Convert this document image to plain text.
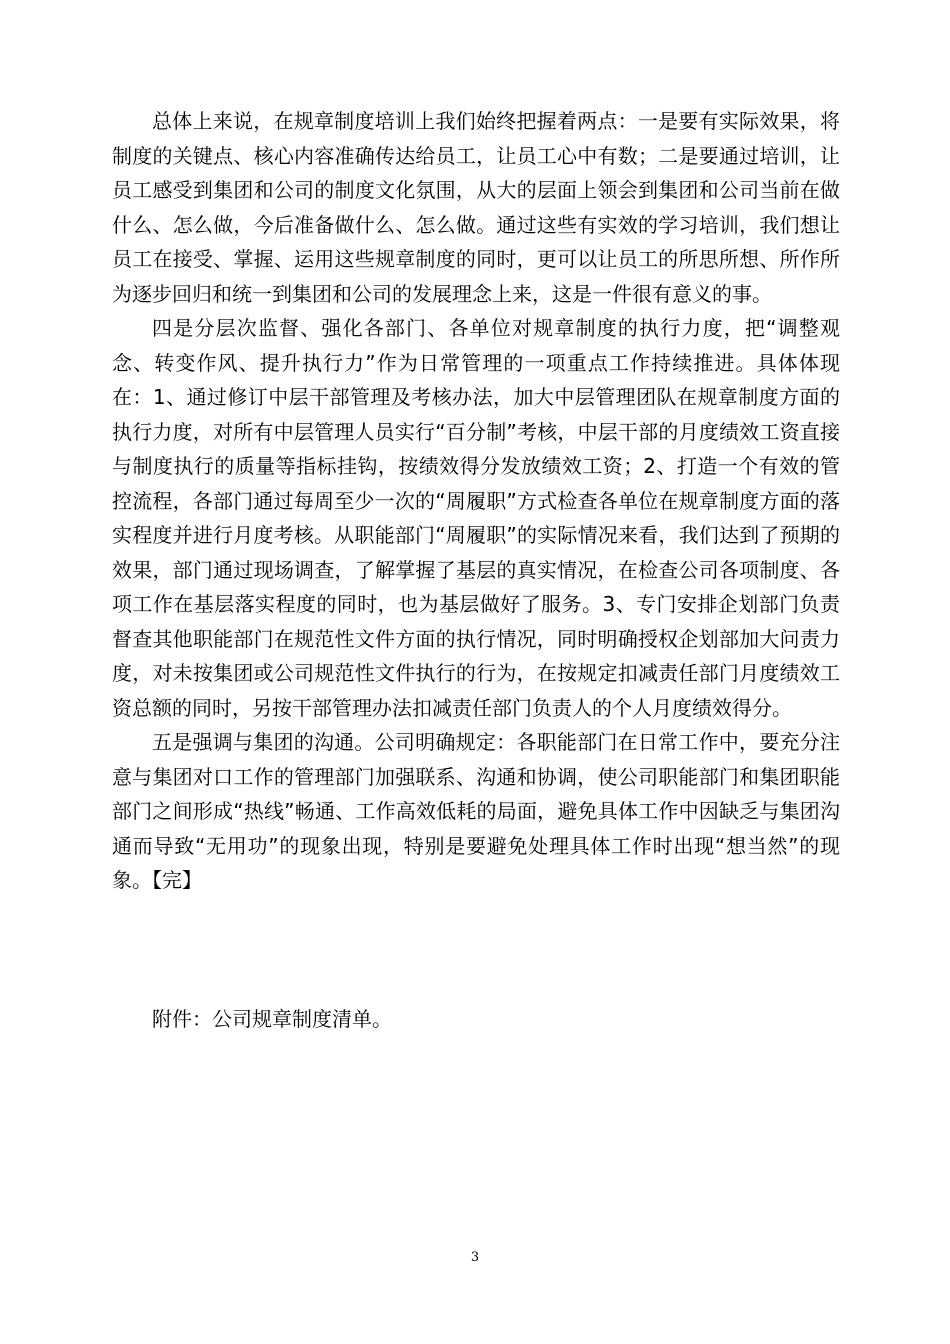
总体上来说，在规章制度培训上我们始终把握着两点：一是要有实际效果，将制度的关键点、核心内容准确传达给员工，让员工心中有数；二是要通过培训，让员工感受到集团和公司的制度文化氛围，从大的层面上领会到集团和公司当前在做什么、怎么做，今后准备做什么、怎么做。通过这些有实效的学习培训，我们想让员工在接受、掌握、运用这些规章制度的同时，更可以让员工的所思所想、所作所为逐步回归和统一到集团和公司的发展理念上来，这是一件很有意义的事。

四是分层次监督、强化各部门、各单位对规章制度的执行力度，把“调整观念、转变作风、提升执行力”作为日常管理的一项重点工作持续推进。具体体现在：1、通过修订中层干部管理及考核办法，加大中层管理团队在规章制度方面的执行力度，对所有中层管理人员实行“百分制”考核，中层干部的月度绩效工资直接与制度执行的质量等指标挂钩，按绩效得分发放绩效工资；2、打造一个有效的管控流程，各部门通过每周至少一次的“周履职”方式检查各单位在规章制度方面的落实程度并进行月度考核。从职能部门“周履职”的实际情况来看，我们达到了预期的效果，部门通过现场调查，了解掌握了基层的真实情况，在检查公司各项制度、各项工作在基层落实程度的同时，也为基层做好了服务。3、专门安排企划部门负责督查其他职能部门在规范性文件方面的执行情况，同时明确授权企划部加大问责力度，对未按集团或公司规范性文件执行的行为，在按规定扣减责任部门月度绩效工资总额的同时，另按干部管理办法扣减责任部门负责人的个人月度绩效得分。

五是强调与集团的沟通。公司明确规定：各职能部门在日常工作中，要充分注意与集团对口工作的管理部门加强联系、沟通和协调，使公司职能部门和集团职能部门之间形成“热线”畅通、工作高效低耗的局面，避免具体工作中因缺乏与集团沟通而导致“无用功”的现象出现，特别是要避免处理具体工作时出现“想当然”的现象。【完】

附件：公司规章制度清单。

3
